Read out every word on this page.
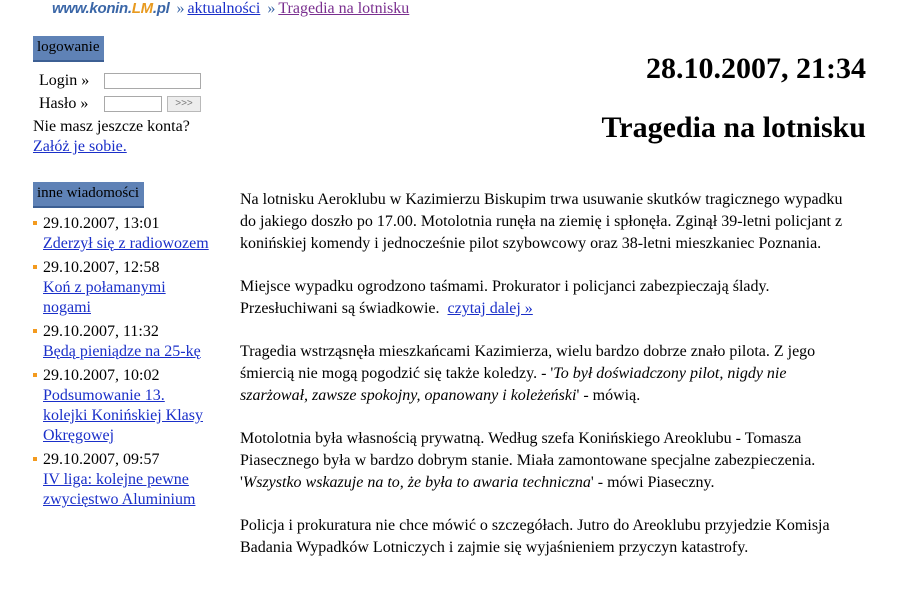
www.konin.LM.pl » aktualności » Tragedia na lotnisku
logowanie
Login »
Hasło »	>>>
Nie masz jeszcze konta?
Załóż je sobie.
inne wiadomości
29.10.2007, 13:01
Zderzył się z radiowozem
29.10.2007, 12:58
Koń z połamanymi nogami
29.10.2007, 11:32
Będą pieniądze na 25-kę
29.10.2007, 10:02
Podsumowanie 13. kolejki Konińskiej Klasy Okręgowej
29.10.2007, 09:57
IV liga: kolejne pewne zwycięstwo Aluminium
28.10.2007, 21:34
Tragedia na lotnisku

Na lotnisku Aeroklubu w Kazimierzu Biskupim trwa usuwanie skutków tragicznego wypadku do jakiego doszło po 17.00. Motolotnia runęła na ziemię i spłonęła. Zginął 39-letni policjant z konińskiej komendy i jednocześnie pilot szybowcowy oraz 38-letni mieszkaniec Poznania.

Miejsce wypadku ogrodzono taśmami. Prokurator i policjanci zabezpieczają ślady. Przesłuchiwani są świadkowie. czytaj dalej »

Tragedia wstrząsnęła mieszkańcami Kazimierza, wielu bardzo dobrze znało pilota. Z jego śmiercią nie mogą pogodzić się także koledzy. - 'To był doświadczony pilot, nigdy nie szarżował, zawsze spokojny, opanowany i koleżeński' - mówią.

Motolotnia była własnością prywatną. Według szefa Konińskiego Areoklubu - Tomasza Piasecznego była w bardzo dobrym stanie. Miała zamontowane specjalne zabezpieczenia. 'Wszystko wskazuje na to, że była to awaria techniczna' - mówi Piaseczny.

Policja i prokuratura nie chce mówić o szczegółach. Jutro do Areoklubu przyjedzie Komisja Badania Wypadków Lotniczych i zajmie się wyjaśnieniem przyczyn katastrofy.
